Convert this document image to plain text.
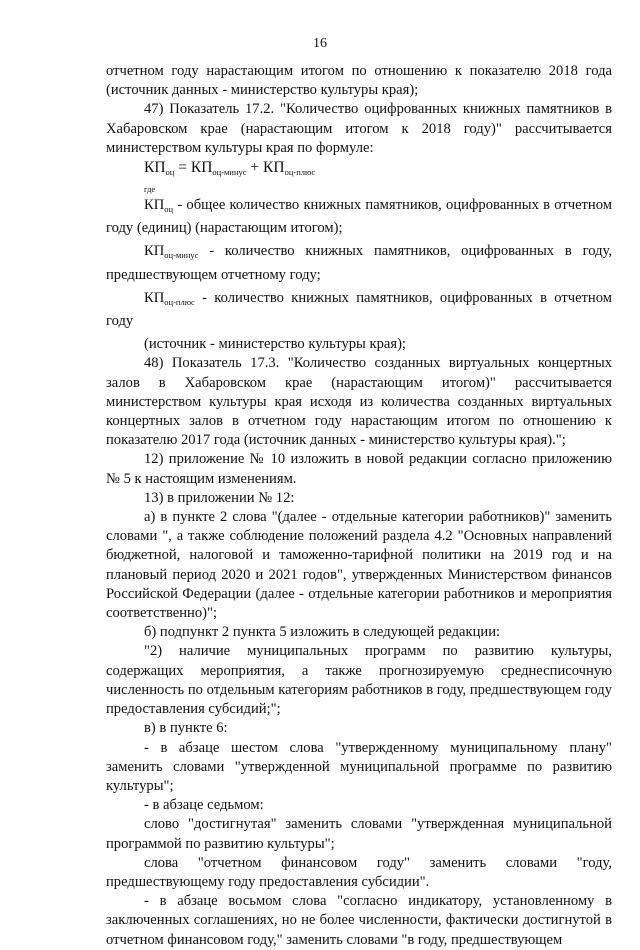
16

отчетном году нарастающим итогом по отношению к показателю 2018 года (источник данных - министерство культуры края);

47) Показатель 17.2. "Количество оцифрованных книжных памятников в Хабаровском крае (нарастающим итогом к 2018 году)" рассчитывается министерством культуры края по формуле:

$КП_{оц} = КП_{оц-минус} + КП_{оц-плюс}$
где

$КП_{оц}$ - общее количество книжных памятников, оцифрованных в отчетном году (единиц) (нарастающим итогом);

$КП_{оц-минус}$ - количество книжных памятников, оцифрованных в году, предшествующем отчетному году;

$КП_{оц-плюс}$ - количество книжных памятников, оцифрованных в отчетном году

(источник - министерство культуры края);

48) Показатель 17.3. "Количество созданных виртуальных концертных залов в Хабаровском крае (нарастающим итогом)" рассчитывается министерством культуры края исходя из количества созданных виртуальных концертных залов в отчетном году нарастающим итогом по отношению к показателю 2017 года (источник данных - министерство культуры края).";

12) приложение № 10 изложить в новой редакции согласно приложению № 5 к настоящим изменениям.

13) в приложении № 12:

а) в пункте 2 слова "(далее - отдельные категории работников)" заменить словами ", а также соблюдение положений раздела 4.2 "Основных направлений бюджетной, налоговой и таможенно-тарифной политики на 2019 год и на плановый период 2020 и 2021 годов", утвержденных Министерством финансов Российской Федерации (далее - отдельные категории работников и мероприятия соответственно)";

б) подпункт 2 пункта 5 изложить в следующей редакции:

"2) наличие муниципальных программ по развитию культуры, содержащих мероприятия, а также прогнозируемую среднесписочную численность по отдельным категориям работников в году, предшествующем году предоставления субсидий;";

в) в пункте 6:

- в абзаце шестом слова "утвержденному муниципальному плану" заменить словами "утвержденной муниципальной программе по развитию культуры";

- в абзаце седьмом:

слово "достигнутая" заменить словами "утвержденная муниципальной программой по развитию культуры";

слова "отчетном финансовом году" заменить словами "году, предшествующему году предоставления субсидии".

- в абзаце восьмом слова "согласно индикатору, установленному в заключенных соглашениях, но не более численности, фактически достигнутой в отчетном финансовом году," заменить словами "в году, предшествующем
